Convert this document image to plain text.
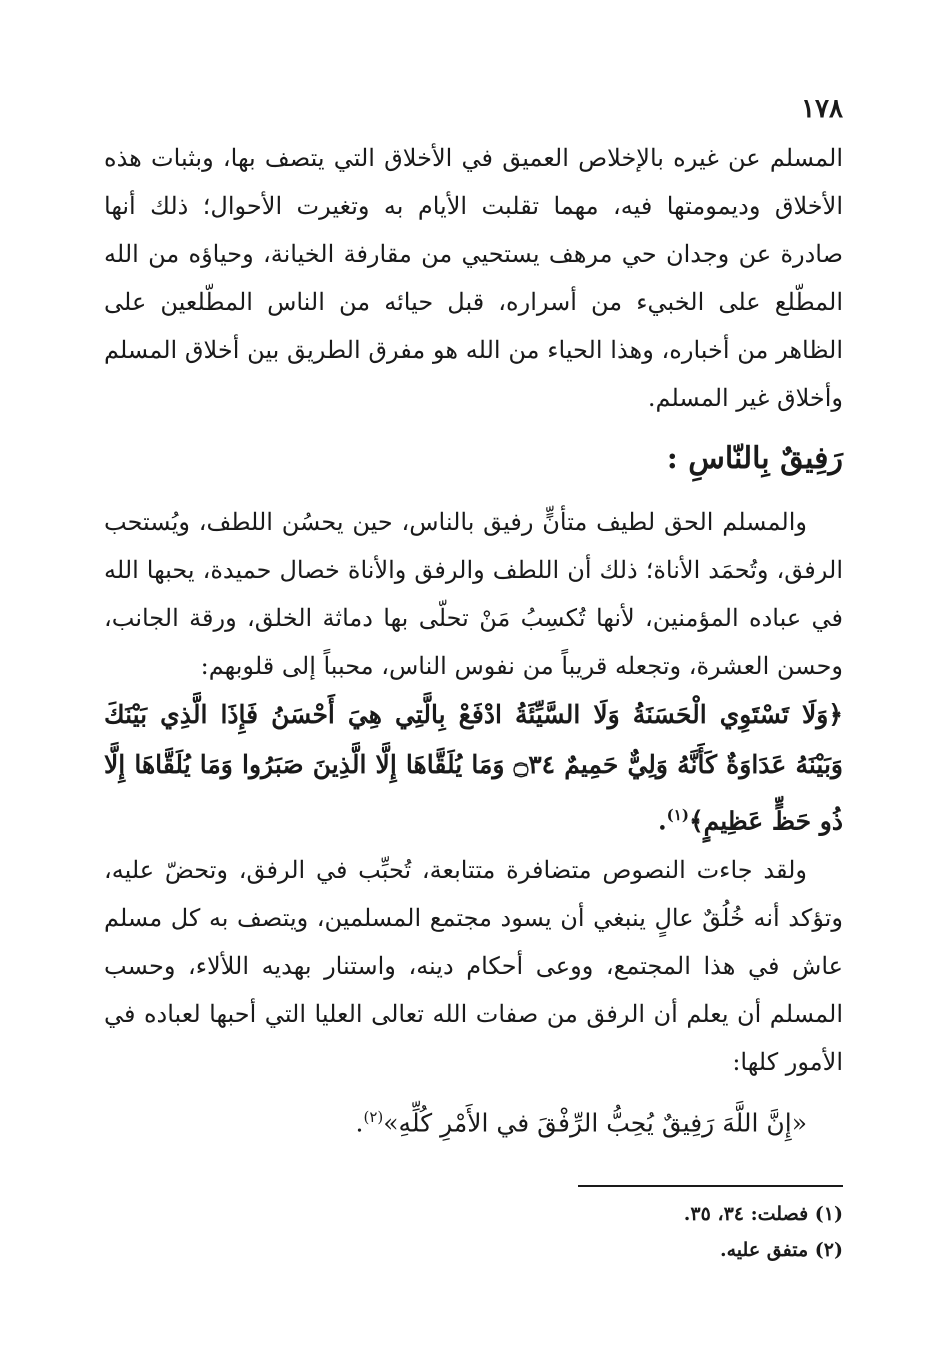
١٧٨

المسلم عن غيره بالإخلاص العميق في الأخلاق التي يتصف بها، وبثبات هذه الأخلاق وديمومتها فيه، مهما تقلبت الأيام به وتغيرت الأحوال؛ ذلك أنها صادرة عن وجدان حي مرهف يستحيي من مقارفة الخيانة، وحياؤه من الله المطّلع على الخبيء من أسراره، قبل حيائه من الناس المطّلعين على الظاهر من أخباره، وهذا الحياء من الله هو مفرق الطريق بين أخلاق المسلم وأخلاق غير المسلم.

رَفِيقٌ بِالنّاسِ :

والمسلم الحق لطيف متأنٍّ رفيق بالناس، حين يحسُن اللطف، ويُستحب الرفق، وتُحمَد الأناة؛ ذلك أن اللطف والرفق والأناة خصال حميدة، يحبها الله في عباده المؤمنين، لأنها تُكسِبُ مَنْ تحلّى بها دماثة الخلق، ورقة الجانب، وحسن العشرة، وتجعله قريباً من نفوس الناس، محبباً إلى قلوبهم:

﴿وَلَا تَسْتَوِي الْحَسَنَةُ وَلَا السَّيِّئَةُ ادْفَعْ بِالَّتِي هِيَ أَحْسَنُ فَإِذَا الَّذِي بَيْنَكَ وَبَيْنَهُ عَدَاوَةٌ كَأَنَّهُ وَلِيٌّ حَمِيمٌ ۝٣٤ وَمَا يُلَقَّاهَا إِلَّا الَّذِينَ صَبَرُوا وَمَا يُلَقَّاهَا إِلَّا ذُو حَظٍّ عَظِيمٍ﴾$^{(١)}$.

ولقد جاءت النصوص متضافرة متتابعة، تُحبِّب في الرفق، وتحضّ عليه، وتؤكد أنه خُلُقٌ عالٍ ينبغي أن يسود مجتمع المسلمين، ويتصف به كل مسلم عاش في هذا المجتمع، ووعى أحكام دينه، واستنار بهديه اللألاء، وحسب المسلم أن يعلم أن الرفق من صفات الله تعالى العليا التي أحبها لعباده في الأمور كلها:

«إِنَّ اللَّهَ رَفِيقٌ يُحِبُّ الرِّفْقَ في الأَمْرِ كُلِّهِ»$^{(٢)}$.

(١) فصلت: ٣٤، ٣٥.
(٢) متفق عليه.
